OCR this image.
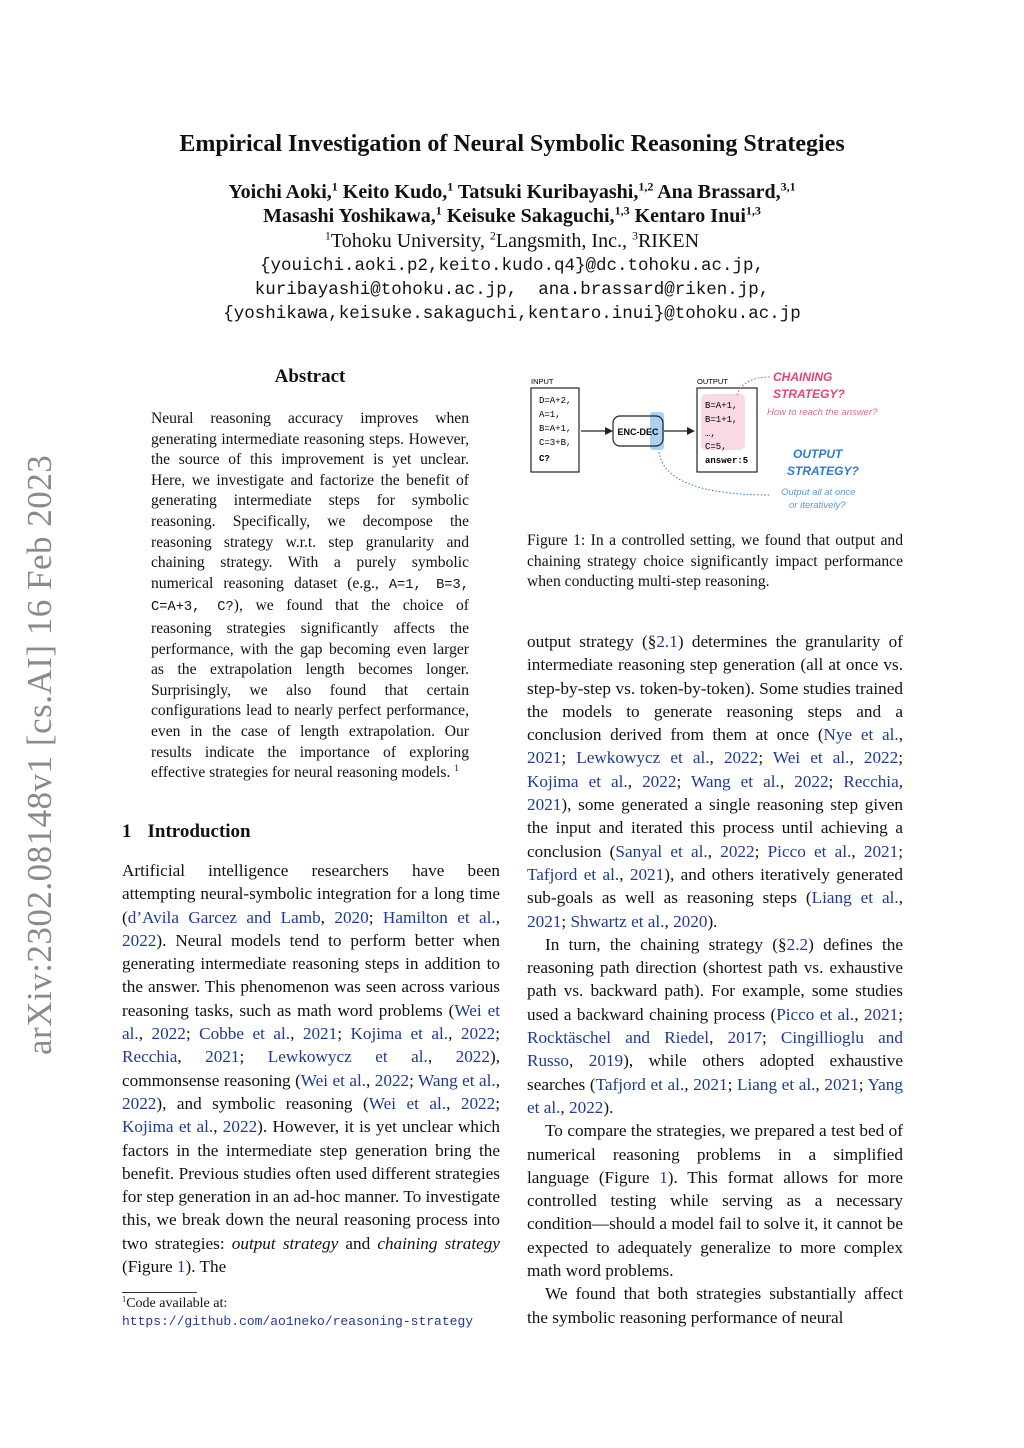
arXiv:2302.08148v1 [cs.AI] 16 Feb 2023
Empirical Investigation of Neural Symbolic Reasoning Strategies
Yoichi Aoki,$^1$ Keito Kudo,$^1$ Tatsuki Kuribayashi,$^{1,2}$ Ana Brassard,$^{3,1}$
Masashi Yoshikawa,$^1$ Keisuke Sakaguchi,$^{1,3}$ Kentaro Inui$^{1,3}$
$^1$Tohoku University, $^2$Langsmith, Inc., $^3$RIKEN
{youichi.aoki.p2,keito.kudo.q4}@dc.tohoku.ac.jp,
kuribayashi@tohoku.ac.jp,  ana.brassard@riken.jp,
{yoshikawa,keisuke.sakaguchi,kentaro.inui}@tohoku.ac.jp
Abstract

Neural reasoning accuracy improves when generating intermediate reasoning steps. However, the source of this improvement is yet unclear. Here, we investigate and factorize the benefit of generating intermediate steps for symbolic reasoning. Specifically, we decompose the reasoning strategy w.r.t. step granularity and chaining strategy. With a purely symbolic numerical reasoning dataset (e.g., A=1, B=3, C=A+3, C?), we found that the choice of reasoning strategies significantly affects the performance, with the gap becoming even larger as the extrapolation length becomes longer. Surprisingly, we also found that certain configurations lead to nearly perfect performance, even in the case of length extrapolation. Our results indicate the importance of exploring effective strategies for neural reasoning models. $^1$

1 Introduction

Artificial intelligence researchers have been attempting neural-symbolic integration for a long time (d’Avila Garcez and Lamb, 2020; Hamilton et al., 2022). Neural models tend to perform better when generating intermediate reasoning steps in addition to the answer. This phenomenon was seen across various reasoning tasks, such as math word problems (Wei et al., 2022; Cobbe et al., 2021; Kojima et al., 2022; Recchia, 2021; Lewkowycz et al., 2022), commonsense reasoning (Wei et al., 2022; Wang et al., 2022), and symbolic reasoning (Wei et al., 2022; Kojima et al., 2022). However, it is yet unclear which factors in the intermediate step generation bring the benefit. Previous studies often used different strategies for step generation in an ad-hoc manner. To investigate this, we break down the neural reasoning process into two strategies: output strategy and chaining strategy (Figure 1). The

$^1$Code available at: https://github.com/ao1neko/reasoning-strategy

INPUT
D=A+2,
A=1,
B=A+1,
C=3+B,
C?
ENC-DEC
OUTPUT
B=A+1,
B=1+1,
…,
C=5,
answer:5
CHAINING
STRATEGY?
How to reach the answer?
OUTPUT
STRATEGY?
Output all at once
or iteratively?

Figure 1: In a controlled setting, we found that output and chaining strategy choice significantly impact performance when conducting multi-step reasoning.

output strategy (§2.1) determines the granularity of intermediate reasoning step generation (all at once vs. step-by-step vs. token-by-token). Some studies trained the models to generate reasoning steps and a conclusion derived from them at once (Nye et al., 2021; Lewkowycz et al., 2022; Wei et al., 2022; Kojima et al., 2022; Wang et al., 2022; Recchia, 2021), some generated a single reasoning step given the input and iterated this process until achieving a conclusion (Sanyal et al., 2022; Picco et al., 2021; Tafjord et al., 2021), and others iteratively generated sub-goals as well as reasoning steps (Liang et al., 2021; Shwartz et al., 2020).

In turn, the chaining strategy (§2.2) defines the reasoning path direction (shortest path vs. exhaustive path vs. backward path). For example, some studies used a backward chaining process (Picco et al., 2021; Rocktäschel and Riedel, 2017; Cingillioglu and Russo, 2019), while others adopted exhaustive searches (Tafjord et al., 2021; Liang et al., 2021; Yang et al., 2022).

To compare the strategies, we prepared a test bed of numerical reasoning problems in a simplified language (Figure 1). This format allows for more controlled testing while serving as a necessary condition—should a model fail to solve it, it cannot be expected to adequately generalize to more complex math word problems.

We found that both strategies substantially affect the symbolic reasoning performance of neural
